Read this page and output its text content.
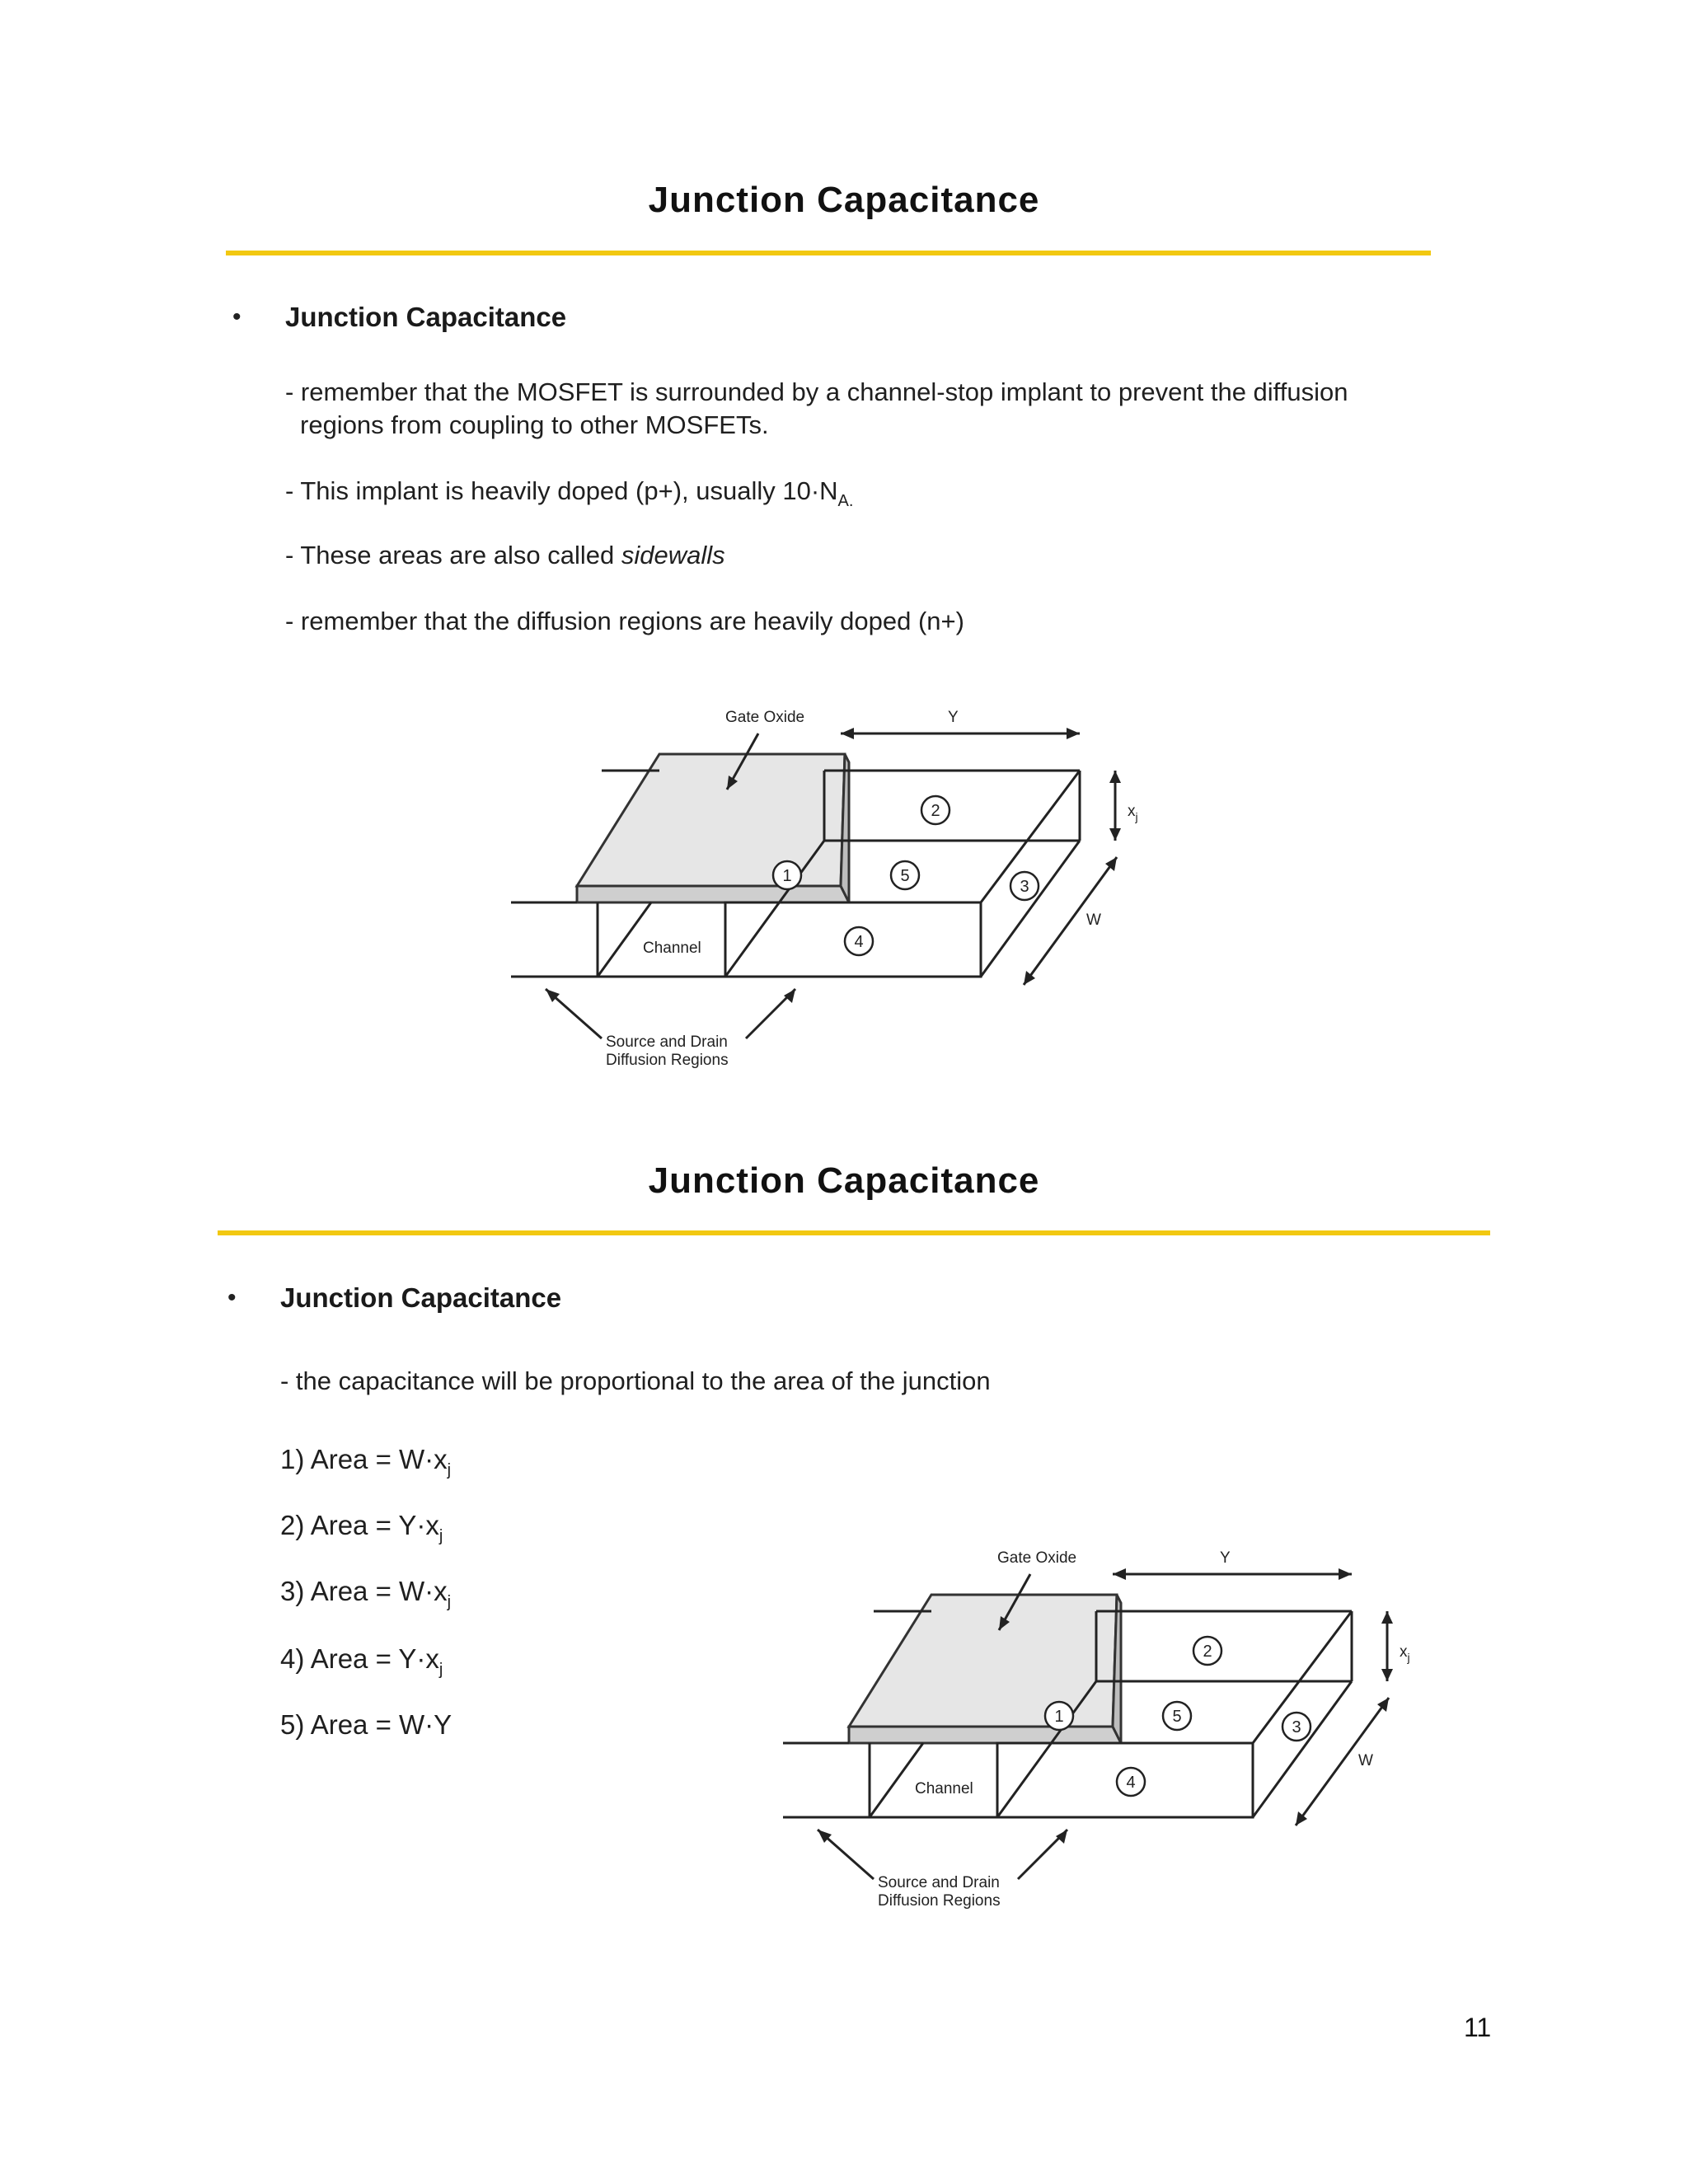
Junction Capacitance
• Junction Capacitance
- remember that the MOSFET is surrounded by a channel-stop implant to prevent the diffusion
regions from coupling to other MOSFETs.
- This implant is heavily doped (p+), usually $10\cdot N_{A.}$
- These areas are also called sidewalls
- remember that the diffusion regions are heavily doped (n+)
2
1	5
3
4
Gate Oxide	Y
$x_j$
W
Channel
Source and Drain
Diffusion Regions
Junction Capacitance
• Junction Capacitance
- the capacitance will be proportional to the area of the junction
1) Area = $W\cdot x_j$
2) Area = $Y\cdot x_j$
3) Area = $W\cdot x_j$
4) Area = $Y\cdot x_j$
5) Area = W·Y
2
1	5
3
4
Gate Oxide	Y
$x_j$
W
Channel
Source and Drain
Diffusion Regions
11
